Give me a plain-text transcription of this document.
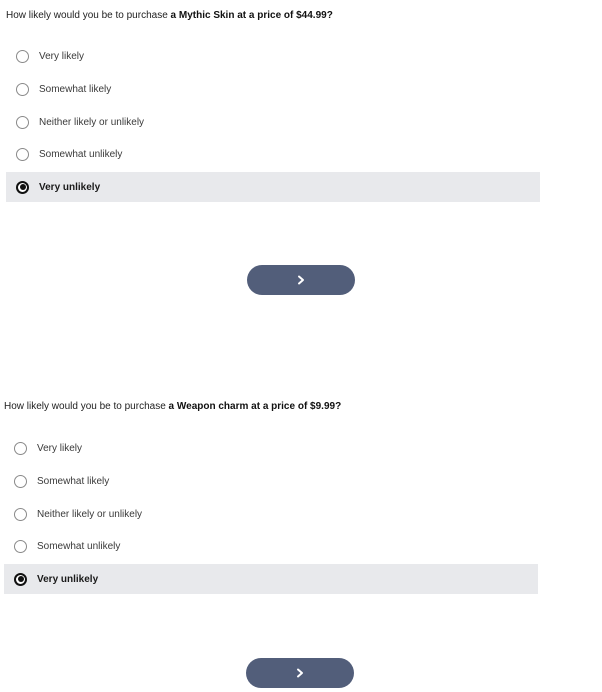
How likely would you be to purchase a Mythic Skin at a price of $44.99?
Very likely
Somewhat likely
Neither likely or unlikely
Somewhat unlikely
Very unlikely
How likely would you be to purchase a Weapon charm at a price of $9.99?
Very likely
Somewhat likely
Neither likely or unlikely
Somewhat unlikely
Very unlikely
